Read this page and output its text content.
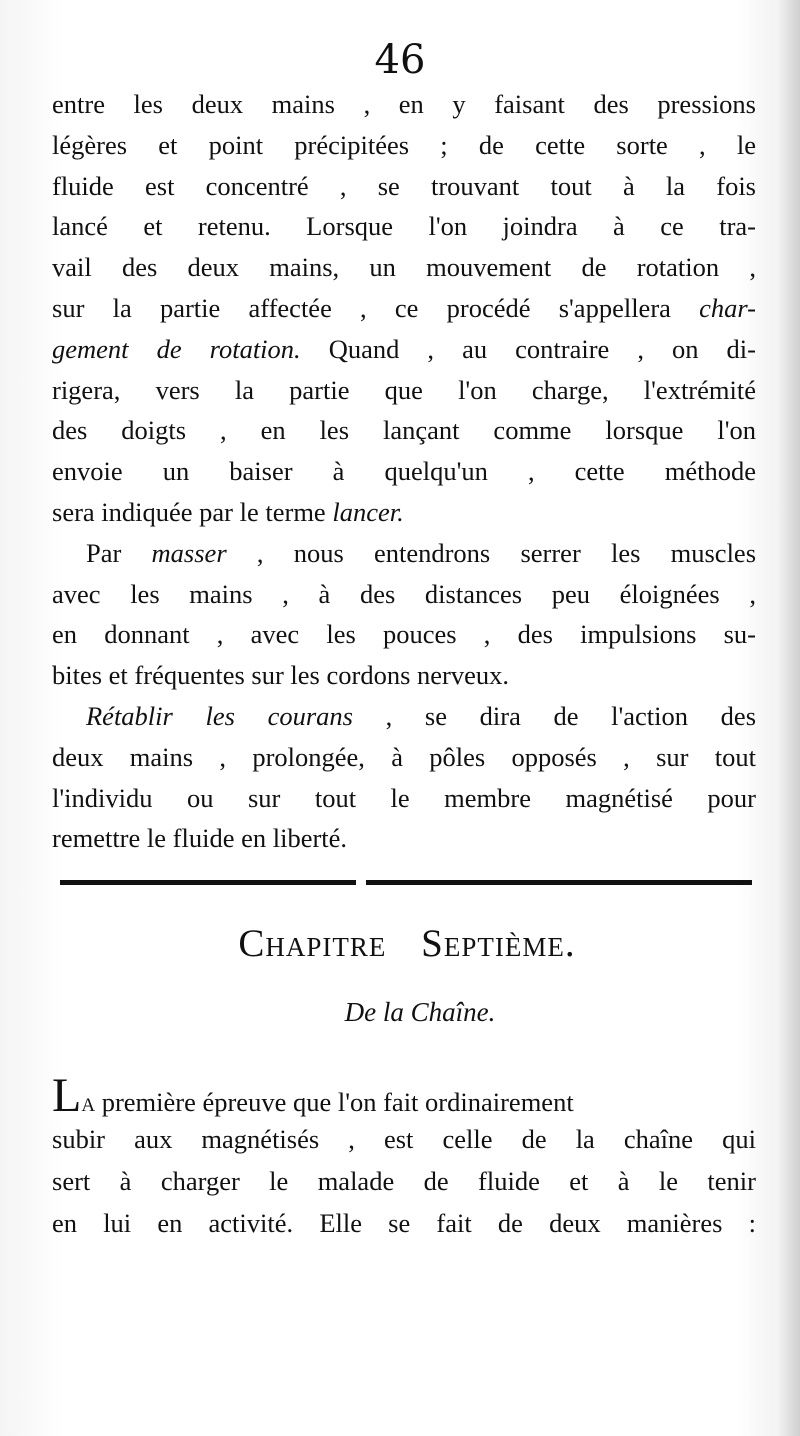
46
entre les deux mains , en y faisant des pressions
légères et point précipitées ; de cette sorte , le
fluide est concentré , se trouvant tout à la fois
lancé et retenu. Lorsque l'on joindra à ce tra-
vail des deux mains, un mouvement de rotation ,
sur la partie affectée , ce procédé s'appellera char-
gement de rotation. Quand , au contraire , on di-
rigera, vers la partie que l'on charge, l'extrémité
des doigts , en les lançant comme lorsque l'on
envoie un baiser à quelqu'un , cette méthode
sera indiquée par le terme lancer.
Par masser , nous entendrons serrer les muscles
avec les mains , à des distances peu éloignées ,
en donnant , avec les pouces , des impulsions su-
bites et fréquentes sur les cordons nerveux.
Rétablir les courans , se dira de l'action des
deux mains , prolongée, à pôles opposés , sur tout
l'individu ou sur tout le membre magnétisé pour
remettre le fluide en liberté.
Chapitre Septième.
De la Chaîne.
La première épreuve que l'on fait ordinairement
subir aux magnétisés , est celle de la chaîne qui
sert à charger le malade de fluide et à le tenir
en lui en activité. Elle se fait de deux manières :
